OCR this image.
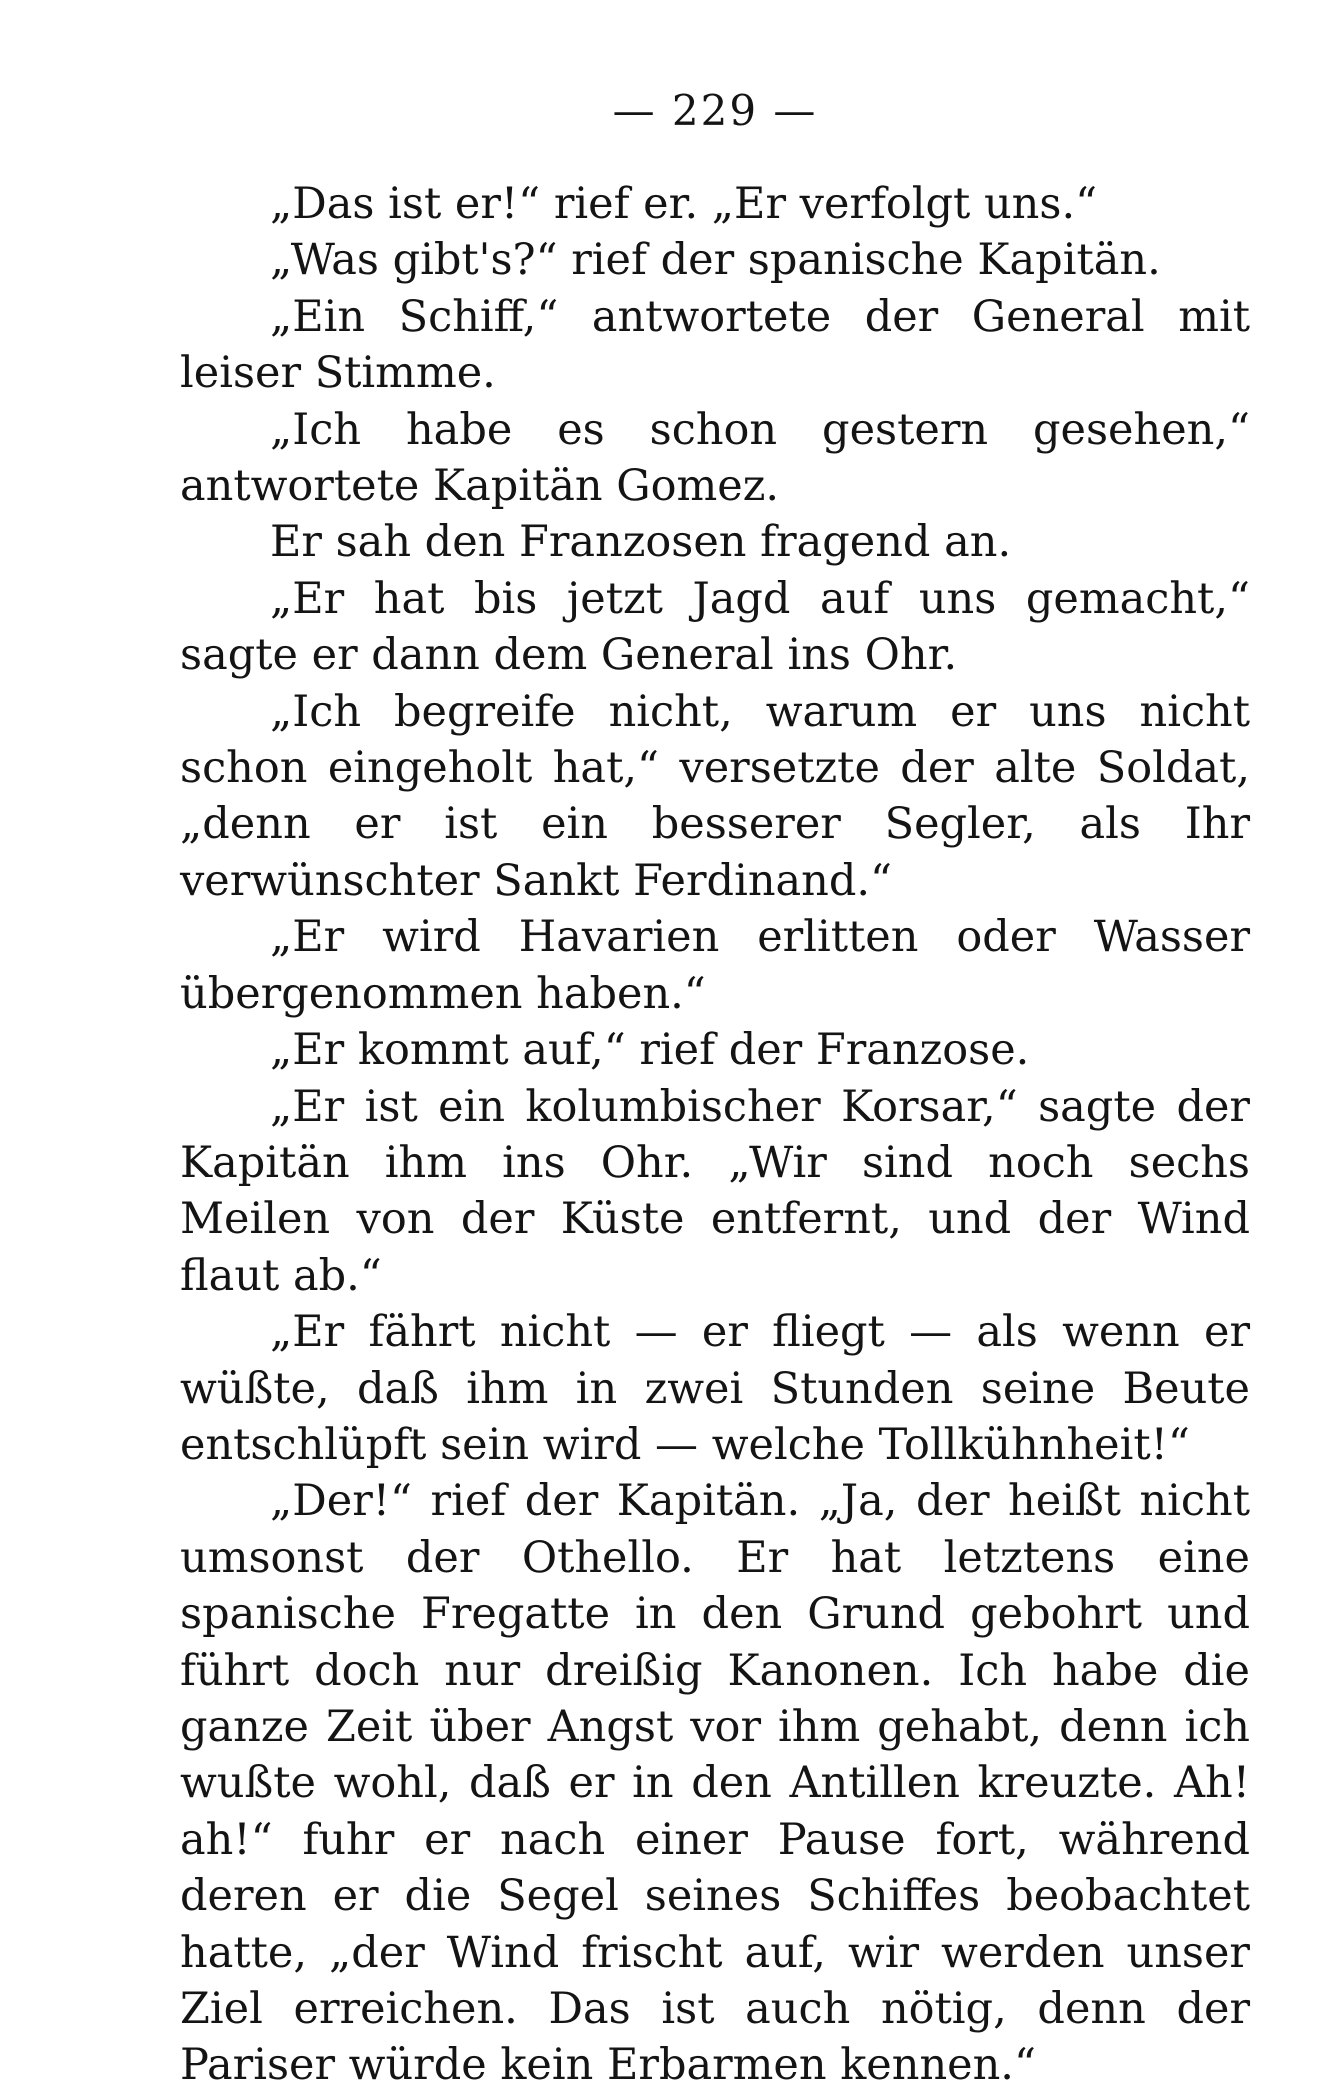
— 229 —

„Das ist er!“ rief er. „Er verfolgt uns.“

„Was gibt's?“ rief der spanische Kapitän.

„Ein Schiff,“ antwortete der General mit leiser Stimme.

„Ich habe es schon gestern gesehen,“ antwortete Kapitän Gomez.

Er sah den Franzosen fragend an.

„Er hat bis jetzt Jagd auf uns gemacht,“ sagte er dann dem General ins Ohr.

„Ich begreife nicht, warum er uns nicht schon eingeholt hat,“ versetzte der alte Soldat, „denn er ist ein besserer Segler, als Ihr verwünschter Sankt Ferdinand.“

„Er wird Havarien erlitten oder Wasser übergenommen haben.“

„Er kommt auf,“ rief der Franzose.

„Er ist ein kolumbischer Korsar,“ sagte der Kapitän ihm ins Ohr. „Wir sind noch sechs Meilen von der Küste entfernt, und der Wind flaut ab.“

„Er fährt nicht — er fliegt — als wenn er wüßte, daß ihm in zwei Stunden seine Beute entschlüpft sein wird — welche Tollkühnheit!“

„Der!“ rief der Kapitän. „Ja, der heißt nicht umsonst der Othello. Er hat letztens eine spanische Fregatte in den Grund gebohrt und führt doch nur dreißig Kanonen. Ich habe die ganze Zeit über Angst vor ihm gehabt, denn ich wußte wohl, daß er in den Antillen kreuzte. Ah! ah!“ fuhr er nach einer Pause fort, während deren er die Segel seines Schiffes beobachtet hatte, „der Wind frischt auf, wir werden unser Ziel erreichen. Das ist auch nötig, denn der Pariser würde kein Erbarmen kennen.“
